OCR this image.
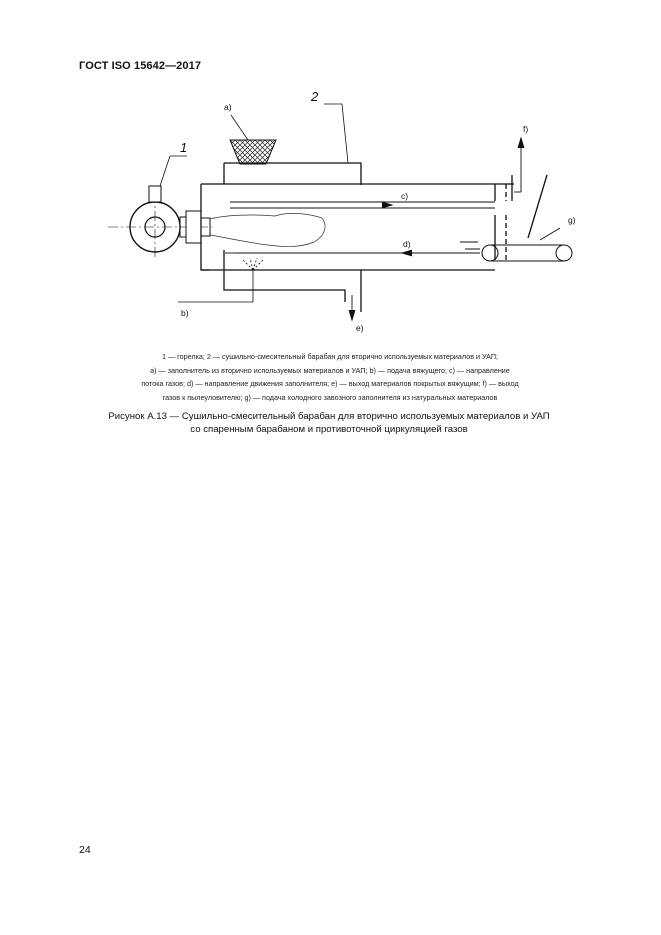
ГОСТ ISO 15642—2017
1
2
a)
c)
d)
f)
g)
b)
e)
1 — горелка; 2 — сушильно-смесительный барабан для вторично используемых материалов и УАП;
a) — заполнитель из вторично используемых материалов и УАП; b) — подача вяжущего; c) — направление
потока газов; d) — направление движения заполнителя; e) — выход материалов покрытых вяжущим; f) — выход
газов к пылеуловителю; g) — подача холодного завозного заполнителя из натуральных материалов
Рисунок А.13 — Сушильно-смесительный барабан для вторично используемых материалов и УАП
со спаренным барабаном и противоточной циркуляцией газов
24
